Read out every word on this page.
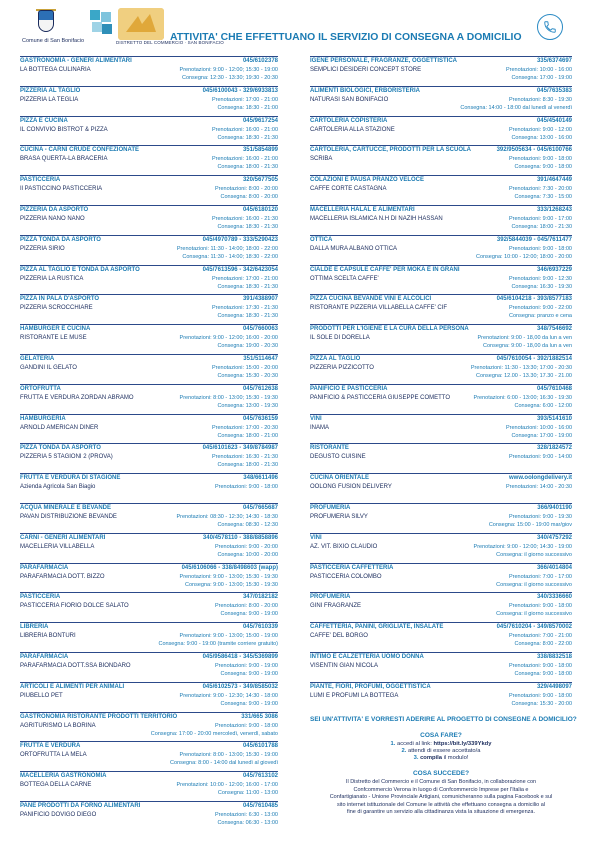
Comune di San Bonifacio	DISTRETTO DEL COMMERCIO · SAN BONIFACIO
ATTIVITA' CHE EFFETTUANO IL SERVIZIO DI CONSEGNA A DOMICILIO
GASTRONOMIA - GENERI ALIMENTARI	045/6102378
LA BOTTEGA CULINARIA	Prenotazioni: 9:00 - 12:00; 15:30 - 19:00
Consegna: 12:30 - 13:30; 19:30 - 20:30
PIZZERIA AL TAGLIO	045/6100043 - 329/6933813
PIZZERIA LA TEGLIA	Prenotazioni: 17:00 - 21:00
Consegna: 18:30 - 21:00
PIZZA E CUCINA	045/9617254
IL CONVIVIO BISTROT & PIZZA	Prenotazioni: 16:00 - 21:00
Consegna: 18:30 - 21:30
CUCINA - CARNI CRUDE CONFEZIONATE	351/5854899
BRASA QUERTA-LA BRACERIA	Prenotazioni: 16:00 - 21:00
Consegna: 18:00 - 21:30
PASTICCERIA	320/5677505
Il PASTICCINO PASTICCERIA	Prenotazioni: 8:00 - 20:00
Consegna: 8:00 - 20:00
PIZZERIA DA ASPORTO	045/6180120
PIZZERIA NANO NANO	Prenotazioni: 16:00 - 21:30
Consegna: 18:30 - 21:30
PIZZA TONDA DA ASPORTO	045/4970789 - 333/5290423
PIZZERIA SIRIO	Prenotazioni: 11:30 - 14:00; 18:00 - 22:00
Consegna: 11:30 - 14:00; 18:30 - 22:00
PIZZA AL TAGLIO E TONDA DA ASPORTO	045/7613596 - 342/6423054
PIZZERIA LA RUSTICA	Prenotazioni: 17:00 - 21:00
Consegna: 18:30 - 21:30
PIZZA IN PALA D'ASPORTO	391/4388907
PIZZERIA SCROCCHIARE	Prenotazioni: 17:30 - 21:30
Consegna: 18:30 - 21:30
HAMBURGER E CUCINA	045/7660063
RISTORANTE LE MUSE	Prenotazioni: 9:00 - 12:00; 16:00 - 20:00
Consegna: 19:00 - 20:30
GELATERIA	351/5114647
GANDINI IL GELATO	Prenotazioni: 15:00 - 20:00
Consegna: 15:30 - 20:30
ORTOFRUTTA	045/7612638
FRUTTA E VERDURA ZORDAN ABRAMO	Prenotazioni: 8:00 - 13:00; 15:30 - 19:30
Consegna: 13:00 - 19:30
HAMBURGERIA	045/7636159
ARNOLD AMERICAN DINER	Prenotazioni: 17:00 - 20:30
Consegna: 18:00 - 21:00
PIZZA TONDA DA ASPORTO	045/6101623 - 349/8784987
PIZZERIA 5 STAGIONI 2 (PROVA)	Prenotazioni: 16:30 - 21:30
Consegna: 18:00 - 21:30
FRUTTA E VERDURA DI STAGIONE	348/6611496
Azienda Agricola San Biagio	Prenotazioni: 9:00 - 18:00
ACQUA MINERALE E BEVANDE	045/7665687
PAVAN DISTRIBUZIONE BEVANDE	Prenotazioni: 08:30 - 12:30; 14:30 - 18:30
Consegna: 08:30 - 12:30
CARNI - GENERI ALIMENTARI	340/4578110 - 388/8858896
MACELLERIA VILLABELLA	Prenotazioni: 9:00 - 20:00
Consegna: 10:00 - 20:00
PARAFARMACIA	045/6106066 - 338/8498603 (wapp)
PARAFARMACIA DOTT. BIZZO	Prenotazioni: 9:00 - 13:00; 15:30 - 19:30
Consegna: 9:00 - 13:00; 15:30 - 19:30
PASTICCERIA	347/0182182
PASTICCERIA FIORIO DOLCE SALATO	Prenotazioni: 8:00 - 20:00
Consegna: 9:00 - 19:00
LIBRERIA	045/7610339
LIBRERIA BONTURI	Prenotazioni: 9:00 - 13:00; 15:00 - 19:00
Consegna: 9:00 - 19:00 (tramite corriere gratuito)
PARAFARMACIA	045/9586418 - 345/5369899
PARAFARMACIA DOTT.SSA BIONDARO	Prenotazioni: 9:00 - 19:00
Consegna: 9:00 - 19:00
ARTICOLI E ALIMENTI PER ANIMALI	045/6102573 - 349/8585032
PIUBELLO PET	Prenotazioni: 9:00 - 12:30; 14:30 - 18:00
Consegna: 9:00 - 19:00
GASTRONOMIA RISTORANTE PRODOTTI TERRITORIO	331/665 3086
AGRITURISMO LA BORINA	Prenotazioni: 9:00 - 18:00
Consegna: 17:00 - 20:00 mercoledì, venerdì, sabato
FRUTTA E VERDURA	045/6101788
ORTOFRUTTA LA MELA	Prenotazioni: 8:00 - 13:00; 15:30 - 19:00
Consegna: 8:00 - 14:00 dal lunedì al giovedì
MACELLERIA GASTRONOMIA	045/7613102
BOTTEGA DELLA CARNE	Prenotazioni: 10:00 - 12:00; 16:00 - 17:00
Consegna: 11:00 - 13:00
PANE PRODOTTI DA FORNO ALIMENTARI	045/7610485
PANIFICIO DOVIGO DIEGO	Prenotazioni: 6:30 - 13:00
Consegna: 06:30 - 13:00
IGENE PERSONALE, FRAGRANZE, OGGETTISTICA	335/6374697
SEMPLICI DESIDERI CONCEPT STORE	Prenotazioni: 10:00 - 16:00
Consegna: 17:00 - 19:00
ALIMENTI BIOLOGICI, ERBORISTERIA	045/7635383
NATURASI SAN BONIFACIO	Prenotazioni: 8:30 - 19:30
Consegna: 14:00 - 18:00 dal lunedì al venerdì
CARTOLERIA COPISTERIA	045/4540149
CARTOLERIA ALLA STAZIONE	Prenotazioni: 9:00 - 12:00
Consegna: 13:00 - 16:00
CARTOLERIA, CARTUCCE, PRODOTTI PER LA SCUOLA	392/9505634 - 045/6100766
SCRIBA	Prenotazioni: 9:00 - 18:00
Consegna: 9:00 - 18:00
COLAZIONI E PAUSA PRANZO VELOCE	391/4647449
CAFFE CORTE CASTAGNA	Prenotazioni: 7:30 - 20:00
Consegna: 7:30 - 15:00
MACELLERIA HALAL E ALIMENTARI	333/1268243
MACELLERIA ISLAMICA N.H DI NAZIH HASSAN	Prenotazioni: 9:00 - 17:00
Consegna: 18:00 - 21:30
OTTICA	392/5844039 - 045/7611477
DALLA MURA ALBANO OTTICA	Prenotazioni: 9:00 - 18:00
Consegna: 10:00 - 12:00; 18:00 - 20:00
CIALDE E CAPSULE CAFFE' PER MOKA E IN GRANI	346/6937229
OTTIMA SCELTA CAFFE'	Prenotazioni: 9:00 - 12:30
Consegna: 16:30 - 19:30
PIZZA CUCINA BEVANDE VINI E ALCOLICI	045/6104218 - 393/8577183
RISTORANTE PIZZERIA VILLABELLA CAFFE' CIF	Prenotazioni: 9:00 - 22:00
Consegna: pranzo e cena
PRODOTTI PER L'IGIENE E LA CURA DELLA PERSONA	348/7546692
IL SOLE DI DORELLA	Prenotazioni: 9:00 - 18,00 da lun a ven
Consegna: 9:00 - 18,00 da lun a ven
PIZZA AL TAGLIO	045/7610054 - 392/1882514
PIZZERIA PIZZICOTTO	Prenotazioni: 11:30 - 13:30; 17:00 - 20:30
Consegna: 12.00 - 13.30; 17.30 - 21.00
PANIFICIO E PASTICCERIA	045/7610468
PANIFICIO & PASTICCERIA GIUSEPPE COMETTO	Prenotazioni: 6:00 - 13:00; 16:30 - 19:30
Consegna: 6:00 - 12:00
VINI	393/5141610
INAMA	Prenotazioni: 10:00 - 16:00
Consegna: 17:00 - 19:00
RISTORANTE	328/1824572
DEGUSTO CUISINE	Prenotazioni: 9:00 - 14:00
CUCINA ORIENTALE	www.oolongdelivery.it
OOLONG FUSION DELIVERY	Prenotazioni: 14:00 - 20:30
PROFUMERIA	366/9401190
PROFUMERIA SILVY	Prenotazioni: 9:00 - 19:30
Consegna: 15:00 - 19:00 mar/giov
VINI	340/4757292
AZ. VIT. BIXIO CLAUDIO	Prenotazioni: 9:00 - 12:00; 14:30 - 19:00
Consegna: il giorno successivo
PASTICCERIA CAFFETTERIA	366/4014804
PASTICCERIA COLOMBO	Prenotazioni: 7:00 - 17:00
Consegna: il giorno successivo
PROFUMERIA	340/3336660
GINI FRAGRANZE	Prenotazioni: 9:00 - 18:00
Consegna: il giorno successivo
CAFFETTERIA, PANINI, GRIGLIATE, INSALATE	045/7610204 - 349/8570002
CAFFE' DEL BORGO	Prenotazioni: 7:00 - 21:00
Consegna: 8:00 - 22:00
INTIMO E CALZETTERIA UOMO DONNA	338/8832518
VISENTIN GIAN NICOLA	Prenotazioni: 9:00 - 18:00
Consegna: 9:00 - 18:00
PIANTE, FIORI, PROFUMI, OGGETTISTICA	329/4498097
LUMI E PROFUMI LA BOTTEGA	Prenotazioni: 9:00 - 18:00
Consegna: 15:30 - 20:00
SEI UN'ATTIVITA' E VORRESTI ADERIRE AL PROGETTO DI CONSEGNE A DOMICILIO?
COSA FARE?
1. accedi al link: https://bit.ly/339Ykdy
2. attendi di essere accettato/a
3. compila il modulo!
COSA SUCCEDE?
Il Distretto del Commercio e il Comune di San Bonifacio, in collaborazione con
Confcommercio Verona in luogo di Confcommercio Imprese per l'Italia e
Confartigianato - Unione Provinciale Artigiani, comunicheranno sulla pagina Facebook e sul
sito internet istituzionale del Comune le attività che effettuano consegna a domicilio al
fine di garantire un servizio alla cittadinanza vista la situazione di emergenza.
